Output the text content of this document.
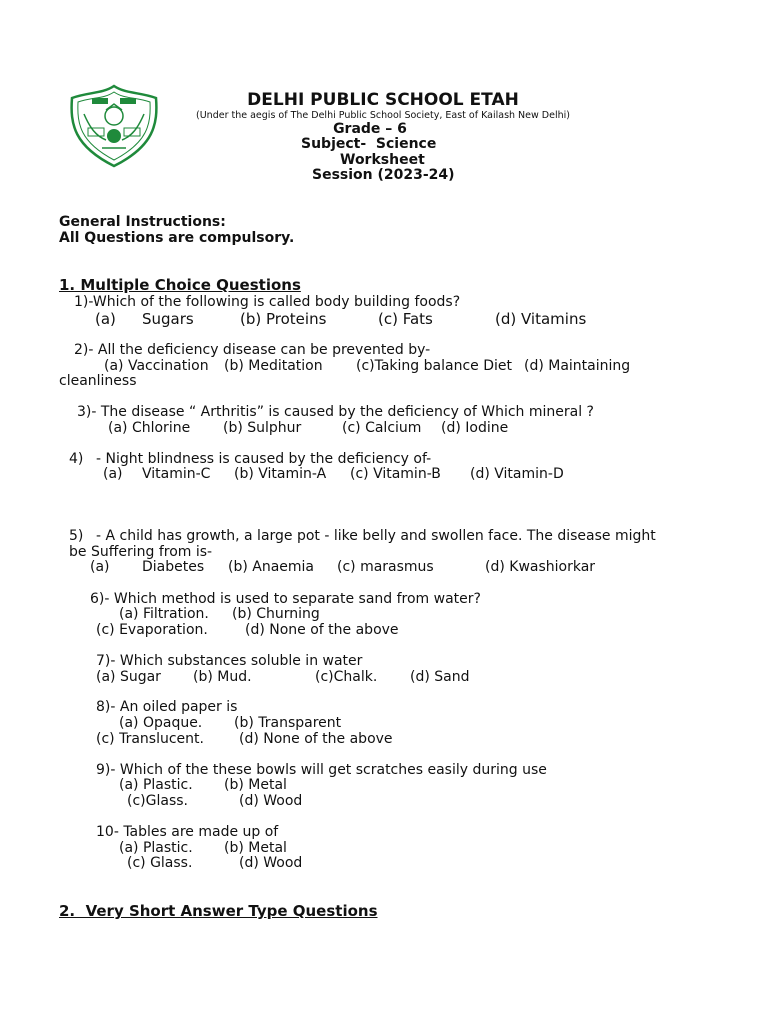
DELHI PUBLIC SCHOOL ETAH
(Under the aegis of The Delhi Public School Society, East of Kailash New Delhi)
Grade – 6
Subject-  Science
Worksheet
Session (2023-24)
General Instructions:
All Questions are compulsory.
1. Multiple Choice Questions
1)-Which of the following is called body building foods?
(a) Sugars	(b) Proteins	(c) Fats	(d) Vitamins
2)- All the deficiency disease can be prevented by-
(a) Vaccination (b) Meditation (c)Taking balance Diet (d) Maintaining
cleanliness
3)- The disease “ Arthritis” is caused by the deficiency of Which mineral ?
(a) Chlorine (b) Sulphur	(c) Calcium (d) Iodine
4) - Night blindness is caused by the deficiency of-
(a) Vitamin-C (b) Vitamin-A (c) Vitamin-B (d) Vitamin-D
5) - A child has growth, a large pot - like belly and swollen face. The disease might
be Suffering from is-
(a) Diabetes (b) Anaemia (c) marasmus	(d) Kwashiorkar
6)- Which method is used to separate sand from water?
(a) Filtration. (b) Churning
(c) Evaporation.	(d) None of the above
7)- Which substances soluble in water
(a) Sugar (b) Mud.	(c)Chalk. (d) Sand
8)- An oiled paper is
(a) Opaque. (b) Transparent
(c) Translucent.	(d) None of the above
9)- Which of the these bowls will get scratches easily during use
(a) Plastic. (b) Metal
(c)Glass.	(d) Wood
10- Tables are made up of
(a) Plastic. (b) Metal
(c) Glass.	(d) Wood
2.  Very Short Answer Type Questions
